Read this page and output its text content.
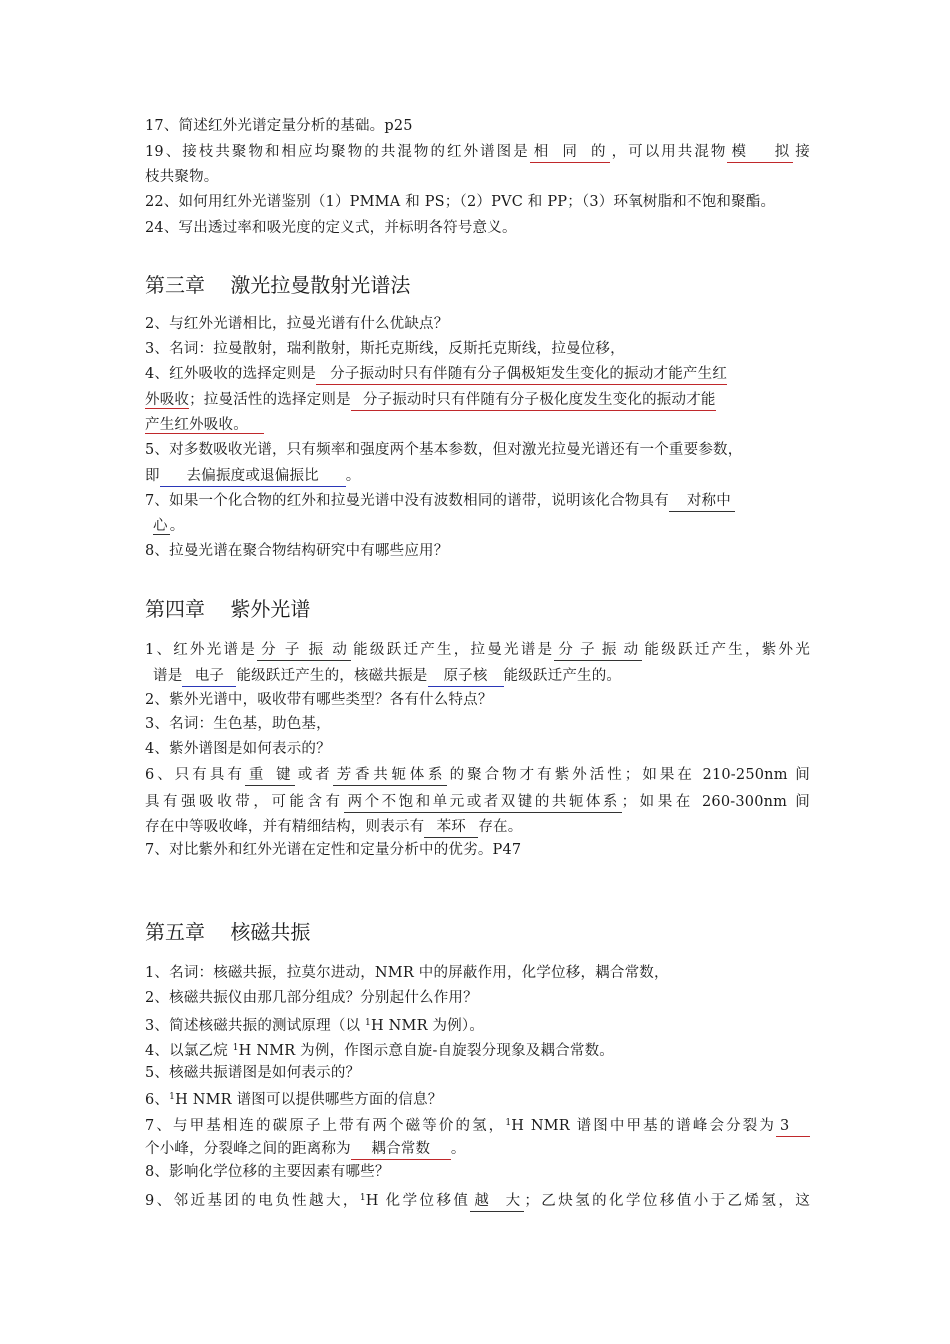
17、简述红外光谱定量分析的基础。p25
19、接枝共聚物和相应均聚物的共混物的红外谱图是 相同的 ，可以用共混物 模拟 接
枝共聚物。
22、如何用红外光谱鉴别（1）PMMA 和 PS；（2）PVC 和 PP；（3）环氧树脂和不饱和聚酯。
24、写出透过率和吸光度的定义式，并标明各符号意义。
第三章    激光拉曼散射光谱法
2、与红外光谱相比，拉曼光谱有什么优缺点？
3、名词：拉曼散射，瑞利散射，斯托克斯线，反斯托克斯线，拉曼位移，
4、红外吸收的选择定则是 分子振动时只有伴随有分子偶极矩发生变化的振动才能产生红
外吸收；拉曼活性的选择定则是 分子振动时只有伴随有分子极化度发生变化的振动才能
产生红外吸收。
5、对多数吸收光谱，只有频率和强度两个基本参数，但对激光拉曼光谱还有一个重要参数，
即 去偏振度或退偏振比 。
7、如果一个化合物的红外和拉曼光谱中没有波数相同的谱带，说明该化合物具有 对称中
心 。
8、拉曼光谱在聚合物结构研究中有哪些应用？
第四章    紫外光谱
1、红外光谱是 分子振动 能级跃迁产生，拉曼光谱是 分子振动 能级跃迁产生，紫外光
谱是 电子 能级跃迁产生的，核磁共振是 原子核 能级跃迁产生的。
2、紫外光谱中，吸收带有哪些类型？各有什么特点？
3、名词：生色基，助色基，
4、紫外谱图是如何表示的？
6、只有具有 重键 或者 芳香共轭体系 的聚合物才有紫外活性；如果在 210-250nm 间
具有强吸收带，可能含有 两个不饱和单元或者双键的共轭体系 ；如果在 260-300nm 间
存在中等吸收峰，并有精细结构，则表示有 苯环 存在。
7、对比紫外和红外光谱在定性和定量分析中的优劣。P47
第五章    核磁共振
1、名词：核磁共振，拉莫尔进动，NMR 中的屏蔽作用，化学位移，耦合常数，
2、核磁共振仪由那几部分组成？分别起什么作用？
3、简述核磁共振的测试原理（以 $^1$H NMR 为例）。
4、以氯乙烷 $^1$H NMR 为例，作图示意自旋-自旋裂分现象及耦合常数。
5、核磁共振谱图是如何表示的？
6、$^1$H NMR 谱图可以提供哪些方面的信息？
7、与甲基相连的碳原子上带有两个磁等价的氢，$^1$H NMR 谱图中甲基的谱峰会分裂为 3
个小峰，分裂峰之间的距离称为 耦合常数 。
8、影响化学位移的主要因素有哪些？
9、邻近基团的电负性越大，$^1$H 化学位移值 越大 ；乙炔氢的化学位移值小于乙烯氢，这
